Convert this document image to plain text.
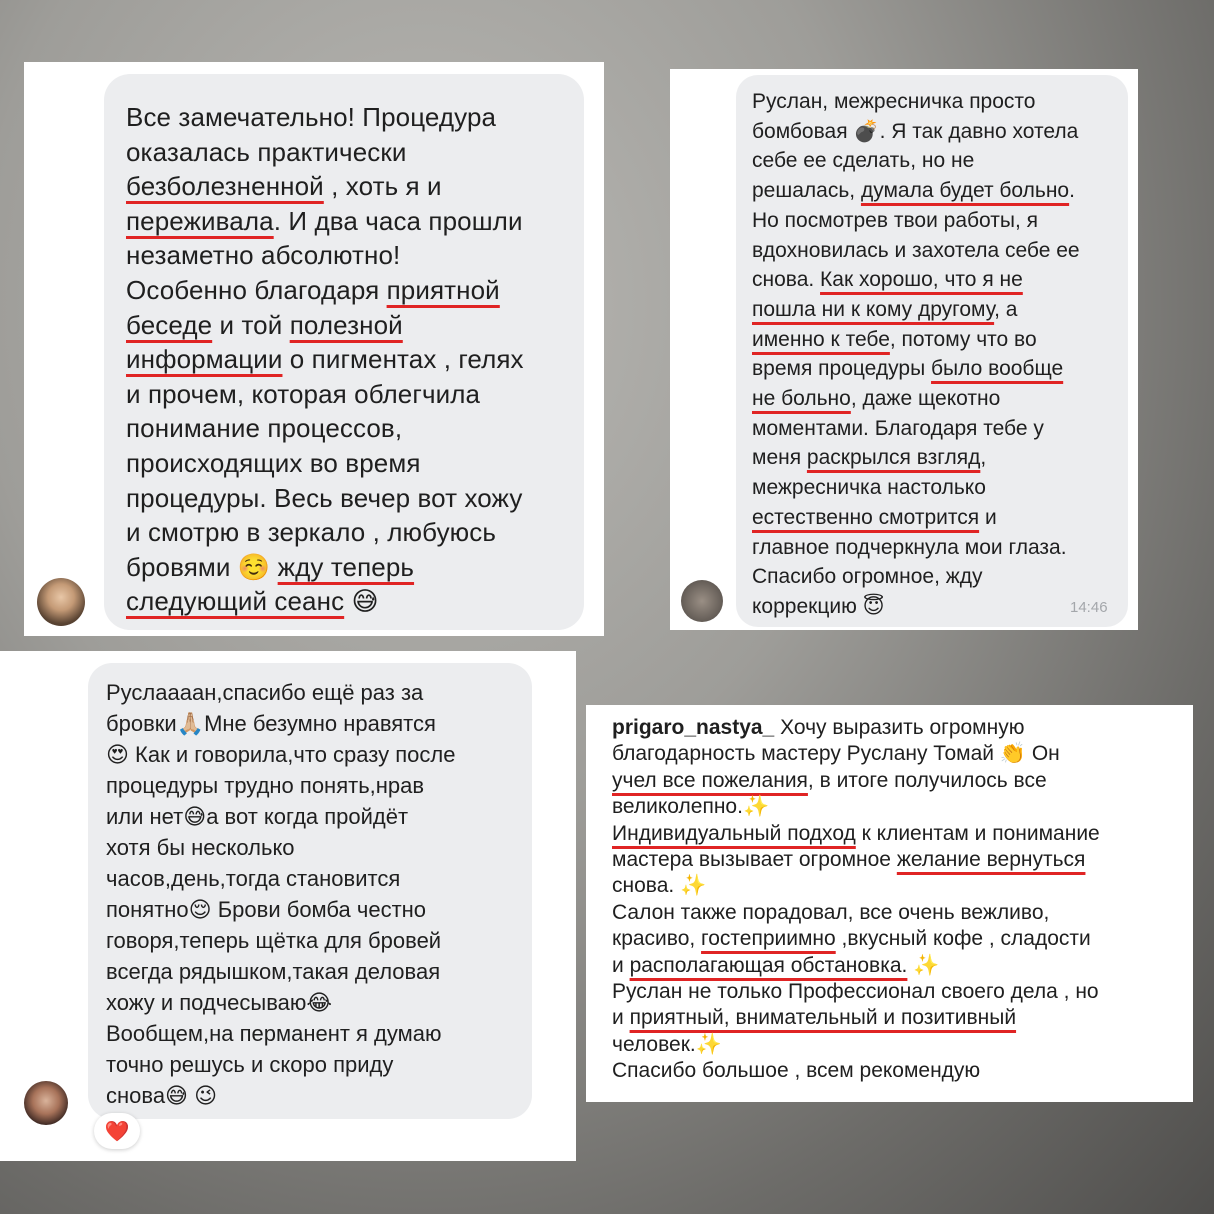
Все замечательно! Процедура
оказалась практически
безболезненной , хоть я и
переживала. И два часа прошли
незаметно абсолютно!
Особенно благодаря приятной
беседе и той полезной
информации о пигментах , гелях
и прочем, которая облегчила
понимание процессов,
происходящих во время
процедуры. Весь вечер вот хожу
и смотрю в зеркало , любуюсь
бровями ☺️ жду теперь
следующий сеанс 😅
Руслан, межресничка просто
бомбовая 💣. Я так давно хотела
себе ее сделать, но не
решалась, думала будет больно.
Но посмотрев твои работы, я
вдохновилась и захотела себе ее
снова. Как хорошо, что я не
пошла ни к кому другому, а
именно к тебе, потому что во
время процедуры было вообще
не больно, даже щекотно
моментами. Благодаря тебе у
меня раскрылся взгляд,
межресничка настолько
естественно смотрится и
главное подчеркнула мои глаза.
Спасибо огромное, жду
коррекцию 😇	14:46
Руслаааан,спасибо ещё раз за
бровки🙏🏼Мне безумно нравятся
😍 Как и говорила,что сразу после
процедуры трудно понять,нрав
или нет😅а вот когда пройдёт
хотя бы несколько
часов,день,тогда становится
понятно😌 Брови бомба честно
говоря,теперь щётка для бровей
всегда рядышком,такая деловая
хожу и подчесываю😂
Вообщем,на перманент я думаю
точно решусь и скоро приду
снова😅 😉
❤️
prigaro_nastya_ Хочу выразить огромную
благодарность мастеру Руслану Томай 👏 Он
учел все пожелания, в итоге получилось все
великолепно.✨
Индивидуальный подход к клиентам и понимание
мастера вызывает огромное желание вернуться
снова. ✨
Салон также порадовал, все очень вежливо,
красиво, гостеприимно ,вкусный кофе , сладости
и располагающая обстановка. ✨
Руслан не только Профессионал своего дела , но
и приятный, внимательный и позитивный
человек.✨
Спасибо большое , всем рекомендую
